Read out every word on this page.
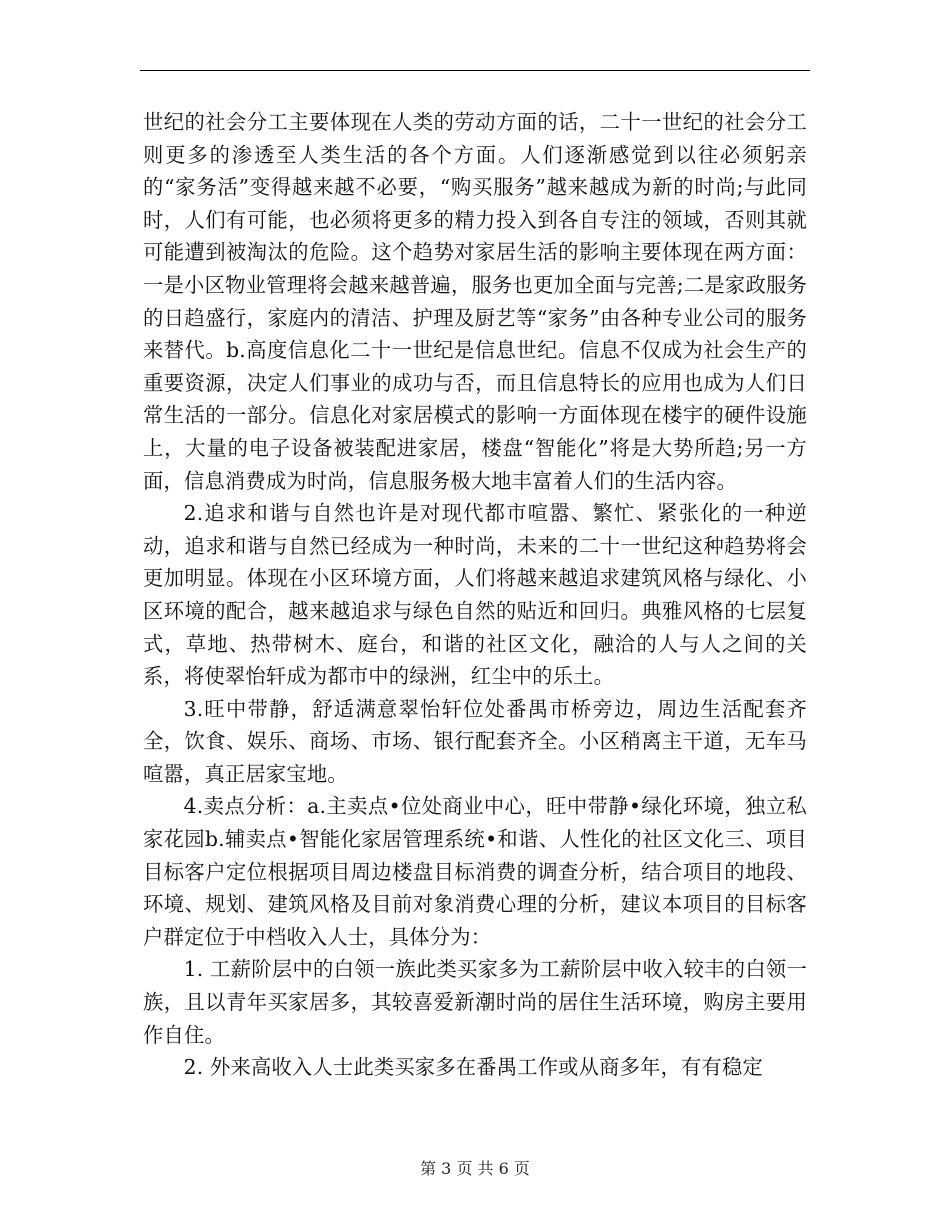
世纪的社会分工主要体现在人类的劳动方面的话，二十一世纪的社会分工则更多的渗透至人类生活的各个方面。人们逐渐感觉到以往必须躬亲的“家务活”变得越来越不必要，“购买服务”越来越成为新的时尚;与此同时，人们有可能，也必须将更多的精力投入到各自专注的领域，否则其就可能遭到被淘汰的危险。这个趋势对家居生活的影响主要体现在两方面：一是小区物业管理将会越来越普遍，服务也更加全面与完善;二是家政服务的日趋盛行，家庭内的清洁、护理及厨艺等“家务”由各种专业公司的服务来替代。b.高度信息化二十一世纪是信息世纪。信息不仅成为社会生产的重要资源，决定人们事业的成功与否，而且信息特长的应用也成为人们日常生活的一部分。信息化对家居模式的影响一方面体现在楼宇的硬件设施上，大量的电子设备被装配进家居，楼盘“智能化”将是大势所趋;另一方面，信息消费成为时尚，信息服务极大地丰富着人们的生活内容。

2.追求和谐与自然也许是对现代都市喧嚣、繁忙、紧张化的一种逆动，追求和谐与自然已经成为一种时尚，未来的二十一世纪这种趋势将会更加明显。体现在小区环境方面，人们将越来越追求建筑风格与绿化、小区环境的配合，越来越追求与绿色自然的贴近和回归。典雅风格的七层复式，草地、热带树木、庭台，和谐的社区文化，融洽的人与人之间的关系，将使翠怡轩成为都市中的绿洲，红尘中的乐土。

3.旺中带静，舒适满意翠怡轩位处番禺市桥旁边，周边生活配套齐全，饮食、娱乐、商场、市场、银行配套齐全。小区稍离主干道，无车马喧嚣，真正居家宝地。

4.卖点分析：a.主卖点•位处商业中心，旺中带静•绿化环境，独立私家花园b.辅卖点•智能化家居管理系统•和谐、人性化的社区文化三、项目目标客户定位根据项目周边楼盘目标消费的调查分析，结合项目的地段、环境、规划、建筑风格及目前对象消费心理的分析，建议本项目的目标客户群定位于中档收入人士，具体分为：

1. 工薪阶层中的白领一族此类买家多为工薪阶层中收入较丰的白领一族，且以青年买家居多，其较喜爱新潮时尚的居住生活环境，购房主要用作自住。

2. 外来高收入人士此类买家多在番禺工作或从商多年，有有稳定

第 3 页 共 6 页
